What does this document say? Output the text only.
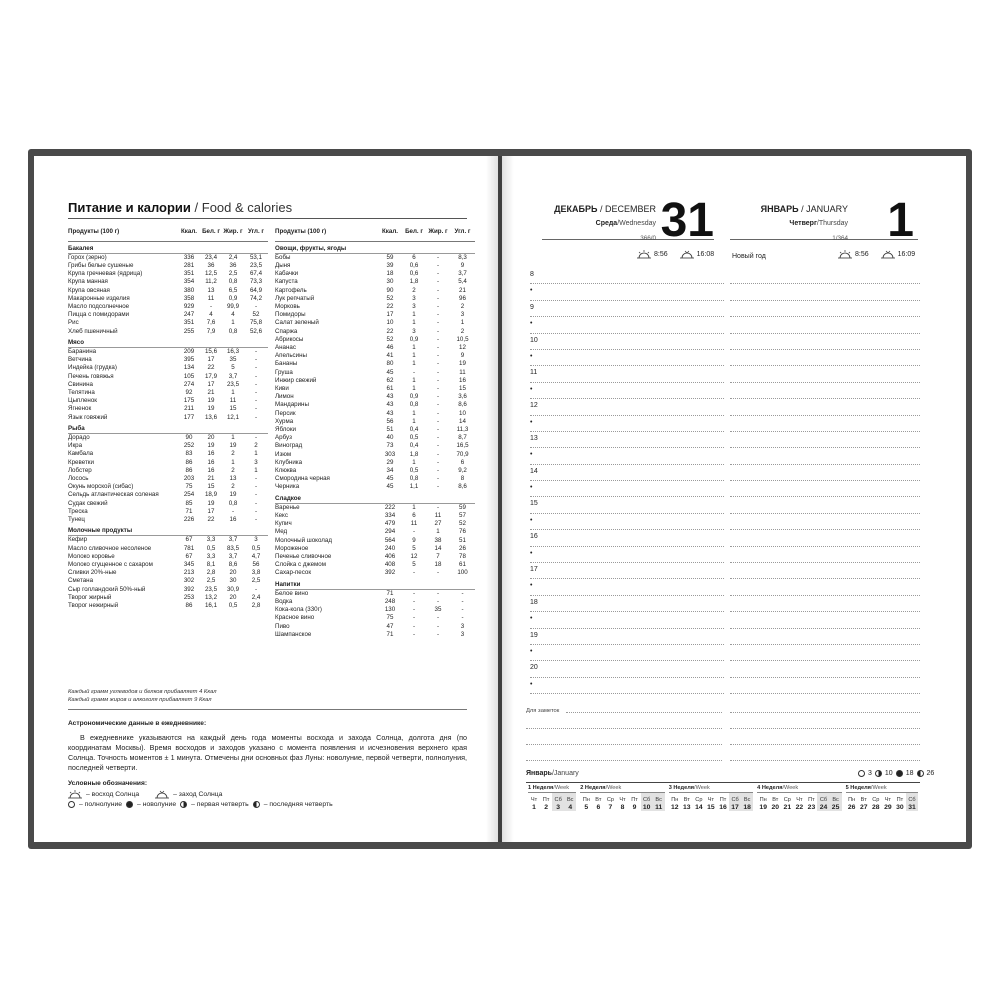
Питание и калории / Food & calories
Продукты (100 г)	Ккал.	Бел. г	Жир. г	Угл. г
Бакалея				
Горох (зерно)	336	23,4	2,4	53,1
Грибы белые сушеные	281	36	36	23,5
Крупа гречневая (ядрица)	351	12,5	2,5	67,4
Крупа манная	354	11,2	0,8	73,3
Крупа овсяная	380	13	6,5	64,9
Макаронные изделия	358	11	0,9	74,2
Масло подсолнечное	929	-	99,9	-
Пицца с помидорами	247	4	4	52
Рис	351	7,6	1	75,8
Хлеб пшеничный	255	7,9	0,8	52,6
Мясо				
Баранина	209	15,6	16,3	-
Ветчина	395	17	35	-
Индейка (грудка)	134	22	5	-
Печень говяжья	105	17,9	3,7	-
Свинина	274	17	23,5	-
Телятина	92	21	1	-
Цыпленок	175	19	11	-
Ягненок	211	19	15	-
Язык говяжий	177	13,6	12,1	-
Рыба				
Дорадо	90	20	1	-
Икра	252	19	19	2
Камбала	83	16	2	1
Креветки	86	16	1	3
Лобстер	86	16	2	1
Лосось	203	21	13	-
Окунь морской (сибас)	75	15	2	-
Сельдь атлантическая соленая	254	18,9	19	-
Судак свежий	85	19	0,8	-
Треска	71	17	-	-
Тунец	226	22	16	-
Молочные продукты				
Кефир	67	3,3	3,7	3
Масло сливочное несоленое	781	0,5	83,5	0,5
Молоко коровье	67	3,3	3,7	4,7
Молоко сгущенное с сахаром	345	8,1	8,6	56
Сливки 20%-ные	213	2,8	20	3,8
Сметана	302	2,5	30	2,5
Сыр голландский 50%-ный	392	23,5	30,9	-
Творог жирный	253	13,2	20	2,4
Творог нежирный	86	16,1	0,5	2,8
Продукты (100 г)	Ккал.	Бел. г	Жир. г	Угл. г
Овощи, фрукты, ягоды				
Бобы	59	6	-	8,3
Дыня	39	0,6	-	9
Кабачки	18	0,6	-	3,7
Капуста	30	1,8	-	5,4
Картофель	90	2	-	21
Лук репчатый	52	3	-	96
Морковь	22	3	-	2
Помидоры	17	1	-	3
Салат зеленый	10	1	-	1
Спаржа	22	3	-	2
Абрикосы	52	0,9	-	10,5
Ананас	46	1	-	12
Апельсины	41	1	-	9
Бананы	80	1	-	19
Груша	45	-	-	11
Инжир свежий	62	1	-	16
Киви	61	1	-	15
Лимон	43	0,9	-	3,6
Мандарины	43	0,8	-	8,6
Персик	43	1	-	10
Хурма	56	1	-	14
Яблоки	51	0,4	-	11,3
Арбуз	40	0,5	-	8,7
Виноград	73	0,4	-	16,5
Изюм	303	1,8	-	70,9
Клубника	29	1	-	6
Клюква	34	0,5	-	9,2
Смородина черная	45	0,8	-	8
Черника	45	1,1	-	8,6
Сладкое				
Варенье	222	1	-	59
Кекс	334	6	11	57
Купич	479	11	27	52
Мед	294	-	1	76
Молочный шоколад	564	9	38	51
Мороженое	240	5	14	26
Печенье сливочное	406	12	7	78
Слойка с джемом	408	5	18	61
Сахар-песок	392	-	-	100
Напитки				
Белое вино	71	-	-	-
Водка	248	-	-	-
Кока-кола (330г)	130	-	35	-
Красное вино	75	-	-	-
Пиво	47	-	-	3
Шампанское	71	-	-	3
Каждый грамм углеводов и белков прибавляет 4 Ккал
Каждый грамм жиров и алкоголя прибавляет 9 Ккал
Астрономические данные в ежедневнике:
В ежедневнике указываются на каждый день года моменты восхода и захода Солнца, долгота дня (по координатам Москвы). Время восходов и заходов указано с момента появления и исчезновения верхнего края Солнца. Точность моментов ± 1 минута. Отмечены дни основных фаз Луны: новолуние, первой четверти, полнолуния, последней четверти.
Условные обозначения:
– восход Солнца	– заход Солнца
– полнолуние – новолуние – первая четверть – последняя четверть
ДЕКАБРЬ / DECEMBER
Среда/Wednesday
366/0 31	ЯНВАРЬ / JANUARY
Четверг/Thursday
1/364 1
8:56	16:08	Новый год	8:56	16:09
8
•
9
•
10
•
11
•
12
•
13
•
14
•
15
•
16
•
17
•
18
•
19
•
20
•
Для заметок
Январь/January	3 10 18 26
1 Неделя/Week
Чт	Пт Сб Вс
1	2	3	4
2 Неделя/Week
Пн Вт Ср Чт	Пт Сб Вс
5	6	7	8	9 10 11
3 Неделя/Week
Пн Вт Ср Чт	Пт Сб Вс
12 13 14 15 16 17 18
4 Неделя/Week
Пн Вт Ср Чт	Пт Сб Вс
19 20 21 22 23 24 25
5 Неделя/Week
Пн Вт Ср Чт	Пт Сб
26 27 28 29 30 31
